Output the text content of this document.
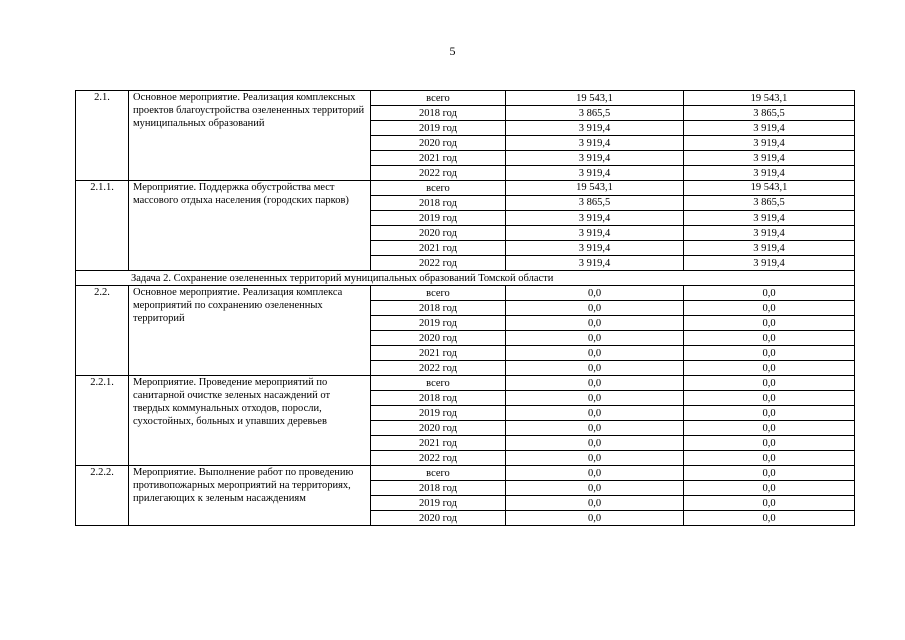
5
2.1.	Основное мероприятие. Реализация комплексных проектов благоустройства озелененных территорий муниципальных образований	всего	19 543,1	19 543,1
		2018 год	3 865,5	3 865,5
		2019 год	3 919,4	3 919,4
		2020 год	3 919,4	3 919,4
		2021 год	3 919,4	3 919,4
		2022 год	3 919,4	3 919,4
2.1.1.	Мероприятие. Поддержка обустройства мест массового отдыха населения (городских парков)	всего	19 543,1	19 543,1
		2018 год	3 865,5	3 865,5
		2019 год	3 919,4	3 919,4
		2020 год	3 919,4	3 919,4
		2021 год	3 919,4	3 919,4
		2022 год	3 919,4	3 919,4
Задача 2. Сохранение озелененных территорий муниципальных образований Томской области				
2.2.	Основное мероприятие. Реализация комплекса мероприятий по сохранению озелененных территорий	всего	0,0	0,0
		2018 год	0,0	0,0
		2019 год	0,0	0,0
		2020 год	0,0	0,0
		2021 год	0,0	0,0
		2022 год	0,0	0,0
2.2.1.	Мероприятие. Проведение мероприятий по санитарной очистке зеленых насаждений от твердых коммунальных отходов, поросли, сухостойных, больных и упавших деревьев	всего	0,0	0,0
		2018 год	0,0	0,0
		2019 год	0,0	0,0
		2020 год	0,0	0,0
		2021 год	0,0	0,0
		2022 год	0,0	0,0
2.2.2.	Мероприятие. Выполнение работ по проведению противопожарных мероприятий на территориях, прилегающих к зеленым насаждениям	всего	0,0	0,0
		2018 год	0,0	0,0
		2019 год	0,0	0,0
		2020 год	0,0	0,0
